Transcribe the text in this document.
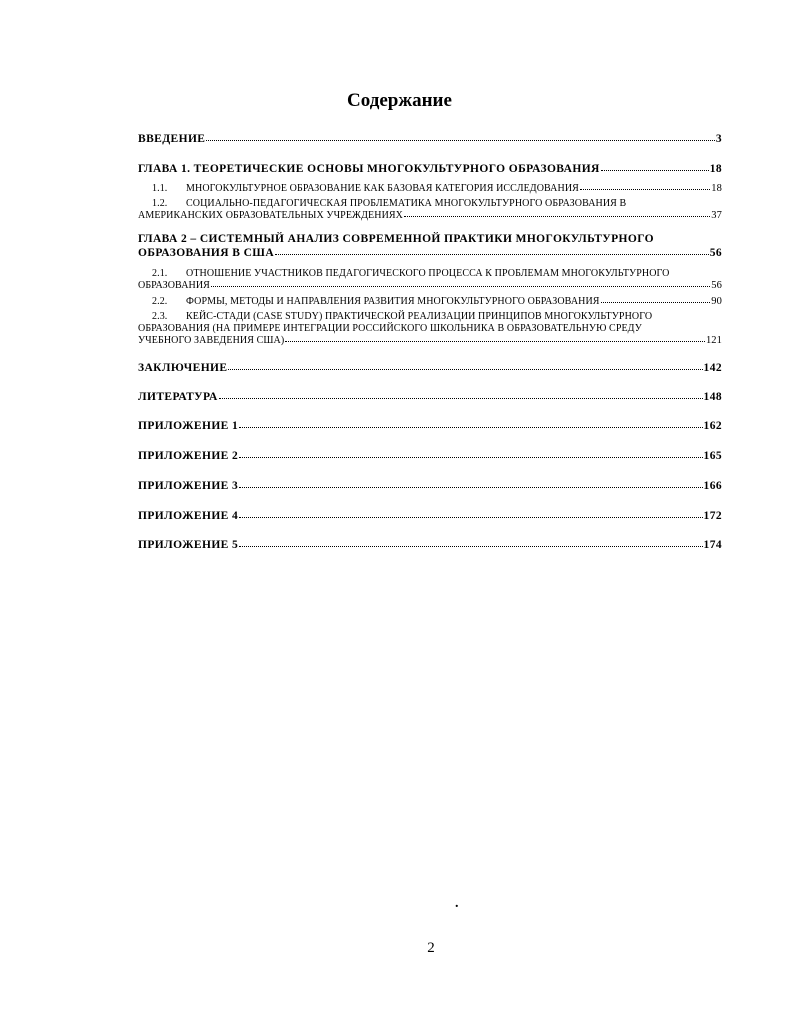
Содержание
ВВЕДЕНИЕ	3
ГЛАВА 1. ТЕОРЕТИЧЕСКИЕ ОСНОВЫ МНОГОКУЛЬТУРНОГО ОБРАЗОВАНИЯ	18
1.1. МНОГОКУЛЬТУРНОЕ ОБРАЗОВАНИЕ КАК БАЗОВАЯ КАТЕГОРИЯ ИССЛЕДОВАНИЯ	18
1.2. СОЦИАЛЬНО-ПЕДАГОГИЧЕСКАЯ ПРОБЛЕМАТИКА МНОГОКУЛЬТУРНОГО ОБРАЗОВАНИЯ В
АМЕРИКАНСКИХ ОБРАЗОВАТЕЛЬНЫХ УЧРЕЖДЕНИЯХ	37
ГЛАВА 2 – СИСТЕМНЫЙ АНАЛИЗ СОВРЕМЕННОЙ ПРАКТИКИ МНОГОКУЛЬТУРНОГО
ОБРАЗОВАНИЯ В США	56
2.1. ОТНОШЕНИЕ УЧАСТНИКОВ ПЕДАГОГИЧЕСКОГО ПРОЦЕССА К ПРОБЛЕМАМ МНОГОКУЛЬТУРНОГО
ОБРАЗОВАНИЯ	56
2.2. ФОРМЫ, МЕТОДЫ И НАПРАВЛЕНИЯ РАЗВИТИЯ МНОГОКУЛЬТУРНОГО ОБРАЗОВАНИЯ	90
2.3. КЕЙС-СТАДИ (CASE STUDY) ПРАКТИЧЕСКОЙ РЕАЛИЗАЦИИ ПРИНЦИПОВ МНОГОКУЛЬТУРНОГО
ОБРАЗОВАНИЯ (НА ПРИМЕРЕ ИНТЕГРАЦИИ РОССИЙСКОГО ШКОЛЬНИКА В ОБРАЗОВАТЕЛЬНУЮ СРЕДУ
УЧЕБНОГО ЗАВЕДЕНИЯ США)	121
ЗАКЛЮЧЕНИЕ	142
ЛИТЕРАТУРА	148
ПРИЛОЖЕНИЕ 1	162
ПРИЛОЖЕНИЕ 2	165
ПРИЛОЖЕНИЕ 3	166
ПРИЛОЖЕНИЕ 4	172
ПРИЛОЖЕНИЕ 5	174
.
2
